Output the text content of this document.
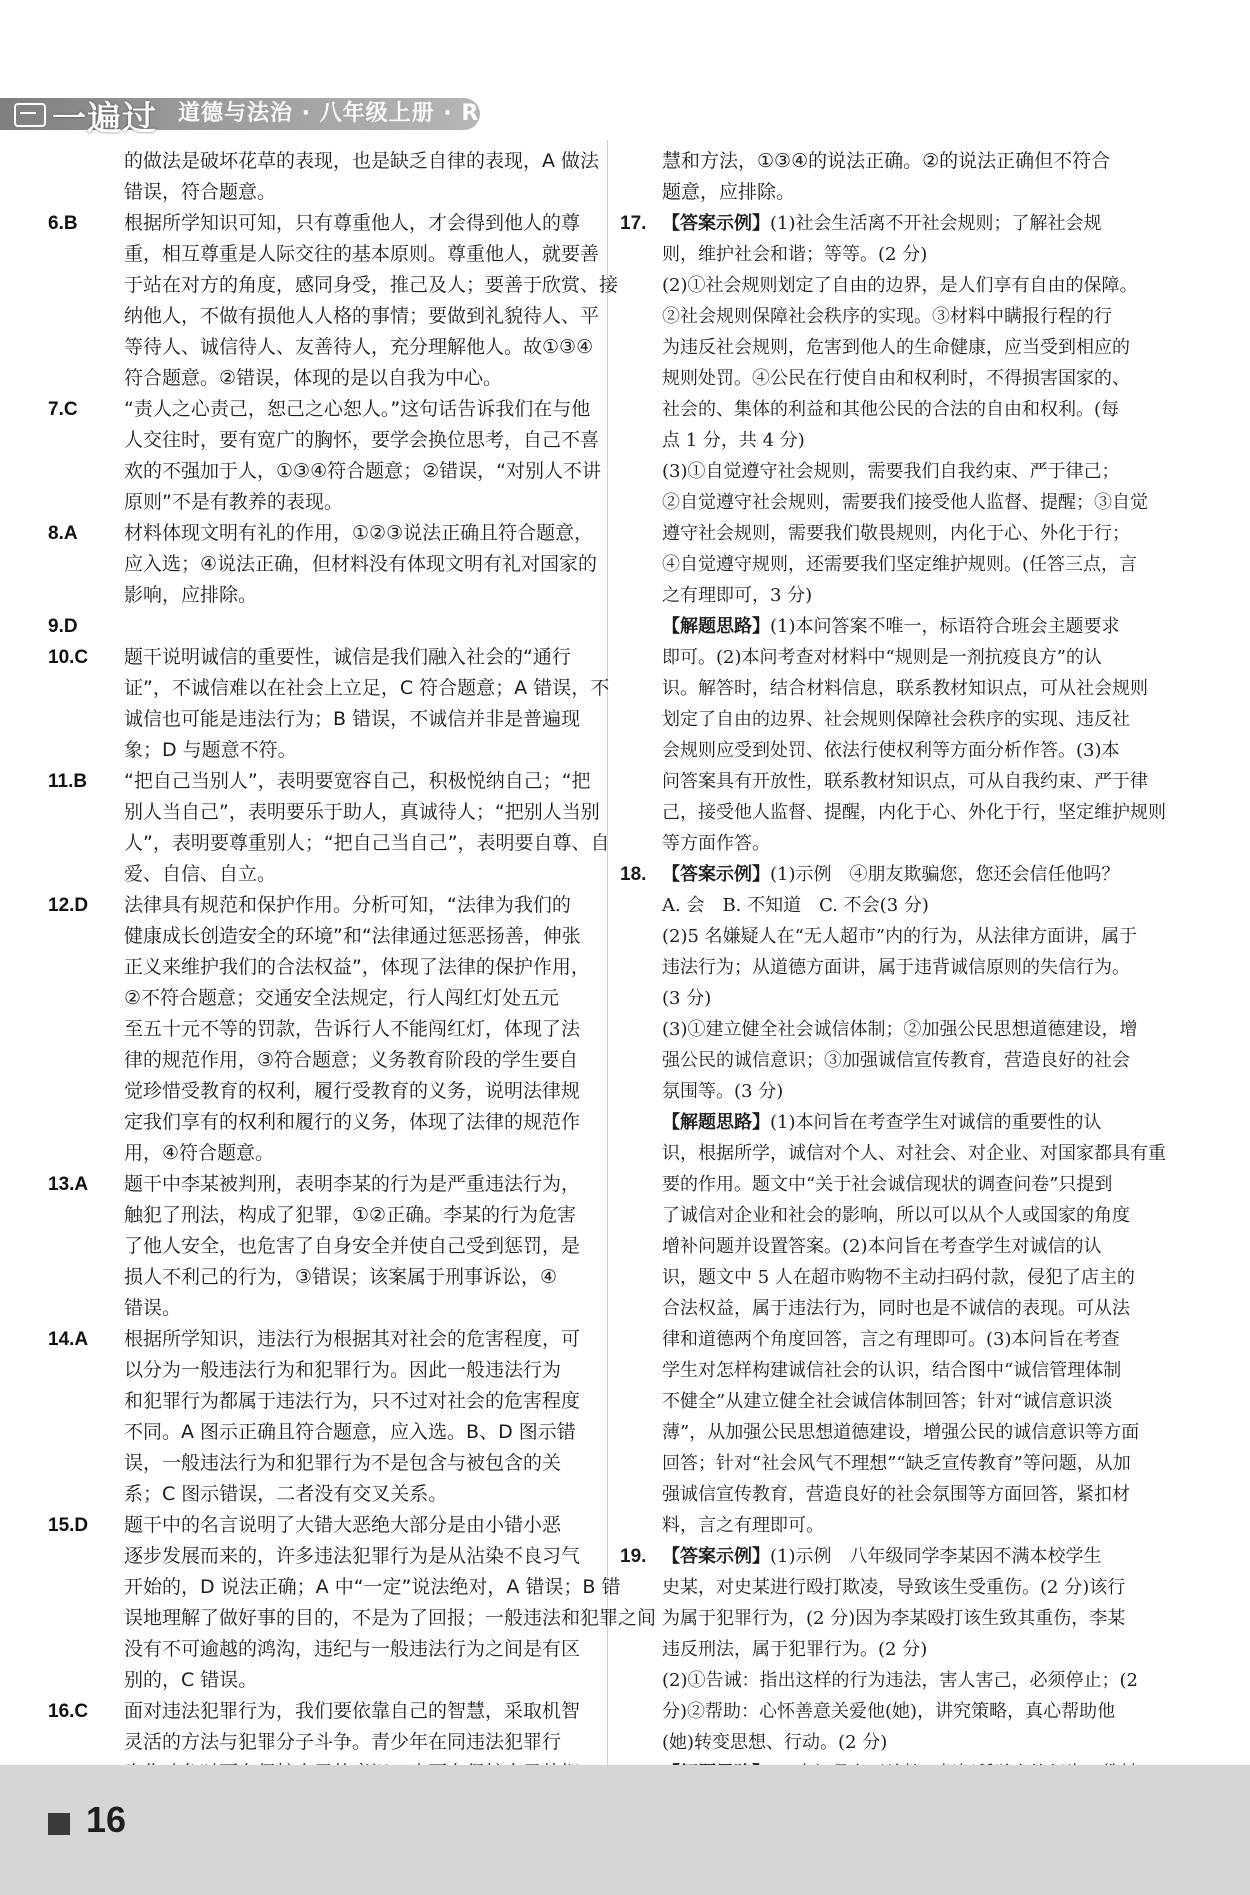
一遍过 道德与法治 · 八年级上册 · RJ
的做法是破坏花草的表现，也是缺乏自律的表现，A 做法
错误，符合题意。
6.B	根据所学知识可知，只有尊重他人，才会得到他人的尊
重，相互尊重是人际交往的基本原则。尊重他人，就要善
于站在对方的角度，感同身受，推己及人；要善于欣赏、接
纳他人，不做有损他人人格的事情；要做到礼貌待人、平
等待人、诚信待人、友善待人，充分理解他人。故①③④
符合题意。②错误，体现的是以自我为中心。
7.C	“责人之心责己，恕己之心恕人。”这句话告诉我们在与他
人交往时，要有宽广的胸怀，要学会换位思考，自己不喜
欢的不强加于人，①③④符合题意；②错误，“对别人不讲
原则”不是有教养的表现。
8.A	材料体现文明有礼的作用，①②③说法正确且符合题意，
应入选；④说法正确，但材料没有体现文明有礼对国家的
影响，应排除。
9.D
10.C	题干说明诚信的重要性，诚信是我们融入社会的“通行
证”，不诚信难以在社会上立足，C 符合题意；A 错误，不
诚信也可能是违法行为；B 错误，不诚信并非是普遍现
象；D 与题意不符。
11.B	“把自己当别人”，表明要宽容自己，积极悦纳自己；“把
别人当自己”，表明要乐于助人，真诚待人；“把别人当别
人”，表明要尊重别人；“把自己当自己”，表明要自尊、自
爱、自信、自立。
12.D	法律具有规范和保护作用。分析可知，“法律为我们的
健康成长创造安全的环境”和“法律通过惩恶扬善，伸张
正义来维护我们的合法权益”，体现了法律的保护作用，
②不符合题意；交通安全法规定，行人闯红灯处五元
至五十元不等的罚款，告诉行人不能闯红灯，体现了法
律的规范作用，③符合题意；义务教育阶段的学生要自
觉珍惜受教育的权利，履行受教育的义务，说明法律规
定我们享有的权利和履行的义务，体现了法律的规范作
用，④符合题意。
13.A	题干中李某被判刑，表明李某的行为是严重违法行为，
触犯了刑法，构成了犯罪，①②正确。李某的行为危害
了他人安全，也危害了自身安全并使自己受到惩罚，是
损人不利己的行为，③错误；该案属于刑事诉讼，④
错误。
14.A	根据所学知识，违法行为根据其对社会的危害程度，可
以分为一般违法行为和犯罪行为。因此一般违法行为
和犯罪行为都属于违法行为，只不过对社会的危害程度
不同。A 图示正确且符合题意，应入选。B、D 图示错
误，一般违法行为和犯罪行为不是包含与被包含的关
系；C 图示错误，二者没有交叉关系。
15.D	题干中的名言说明了大错大恶绝大部分是由小错小恶
逐步发展而来的，许多违法犯罪行为是从沾染不良习气
开始的，D 说法正确；A 中“一定”说法绝对，A 错误；B 错
误地理解了做好事的目的，不是为了回报；一般违法和犯罪之间
没有不可逾越的鸿沟，违纪与一般违法行为之间是有区
别的，C 错误。
16.C	面对违法犯罪行为，我们要依靠自己的智慧，采取机智
灵活的方法与犯罪分子斗争。青少年在同违法犯罪行
慧和方法，①③④的说法正确。②的说法正确但不符合
题意，应排除。
17. 【答案示例】(1)社会生活离不开社会规则；了解社会规
则，维护社会和谐；等等。(2 分)
(2)①社会规则划定了自由的边界，是人们享有自由的保障。
②社会规则保障社会秩序的实现。③材料中瞒报行程的行
为违反社会规则，危害到他人的生命健康，应当受到相应的
规则处罚。④公民在行使自由和权利时，不得损害国家的、
社会的、集体的利益和其他公民的合法的自由和权利。(每
点 1 分，共 4 分)
(3)①自觉遵守社会规则，需要我们自我约束、严于律己；
②自觉遵守社会规则，需要我们接受他人监督、提醒；③自觉
遵守社会规则，需要我们敬畏规则，内化于心、外化于行；
④自觉遵守规则，还需要我们坚定维护规则。(任答三点，言
之有理即可，3 分)
【解题思路】(1)本问答案不唯一，标语符合班会主题要求
即可。(2)本问考查对材料中“规则是一剂抗疫良方”的认
识。解答时，结合材料信息，联系教材知识点，可从社会规则
划定了自由的边界、社会规则保障社会秩序的实现、违反社
会规则应受到处罚、依法行使权利等方面分析作答。(3)本
问答案具有开放性，联系教材知识点，可从自我约束、严于律
己，接受他人监督、提醒，内化于心、外化于行，坚定维护规则
等方面作答。
18. 【答案示例】(1)示例　④朋友欺骗您，您还会信任他吗？
A. 会　B. 不知道　C. 不会(3 分)
(2)5 名嫌疑人在“无人超市”内的行为，从法律方面讲，属于
违法行为；从道德方面讲，属于违背诚信原则的失信行为。
(3 分)
(3)①建立健全社会诚信体制；②加强公民思想道德建设，增
强公民的诚信意识；③加强诚信宣传教育，营造良好的社会
氛围等。(3 分)
【解题思路】(1)本问旨在考查学生对诚信的重要性的认
识，根据所学，诚信对个人、对社会、对企业、对国家都具有重
要的作用。题文中“关于社会诚信现状的调查问卷”只提到
了诚信对企业和社会的影响，所以可以从个人或国家的角度
增补问题并设置答案。(2)本问旨在考查学生对诚信的认
识，题文中 5 人在超市购物不主动扫码付款，侵犯了店主的
合法权益，属于违法行为，同时也是不诚信的表现。可从法
律和道德两个角度回答，言之有理即可。(3)本问旨在考查
学生对怎样构建诚信社会的认识，结合图中“诚信管理体制
不健全”从建立健全社会诚信体制回答；针对“诚信意识淡
薄”，从加强公民思想道德建设，增强公民的诚信意识等方面
回答；针对“社会风气不理想”“缺乏宣传教育”等问题，从加
强诚信宣传教育，营造良好的社会氛围等方面回答，紧扣材
料，言之有理即可。
19. 【答案示例】(1)示例　八年级同学李某因不满本校学生
史某，对史某进行殴打欺凌，导致该生受重伤。(2 分)该行
为属于犯罪行为，(2 分)因为李某殴打该生致其重伤，李某
违反刑法，属于犯罪行为。(2 分)
(2)①告诫：指出这样的行为违法，害人害己，必须停止；(2
分)②帮助：心怀善意关爱他(她)，讲究策略，真心帮助他
(她)转变思想、行动。(2 分)
16
